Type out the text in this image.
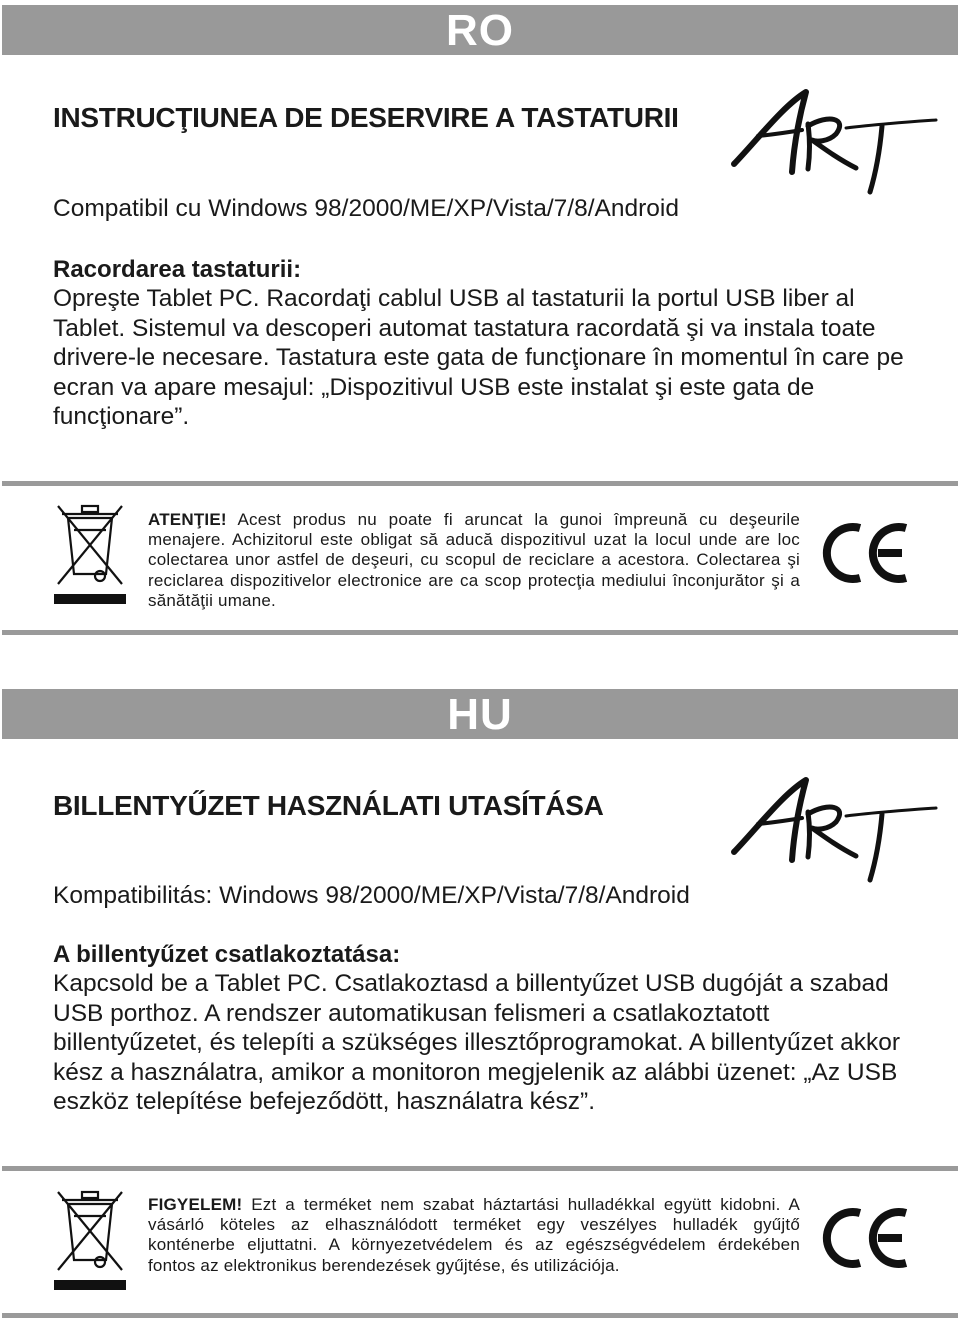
RO
INSTRUCŢIUNEA DE DESERVIRE A TASTATURII
Compatibil cu Windows 98/2000/ME/XP/Vista/7/8/Android
Racordarea tastaturii:
Opreşte Tablet PC. Racordaţi cablul USB al tastaturii la portul USB liber al Tablet. Sistemul va descoperi automat tastatura racordată şi va instala toate drivere-le necesare. Tastatura este gata de funcţionare în momentul în care pe ecran va apare mesajul: „Dispozitivul USB este instalat şi este gata de funcţionare”.
ATENŢIE! Acest produs nu poate fi aruncat la gunoi împreună cu deşeurile menajere. Achizitorul este obligat să aducă dispozitivul uzat la locul unde are loc colectarea unor astfel de deşeuri, cu scopul de reciclare a acestora. Colectarea şi reciclarea dispozitivelor electronice are ca scop protecţia mediului înconjurător şi a sănătăţii umane.
HU
BILLENTYŰZET HASZNÁLATI UTASÍTÁSA
Kompatibilitás: Windows 98/2000/ME/XP/Vista/7/8/Android
A billentyűzet csatlakoztatása:
Kapcsold be a Tablet PC. Csatlakoztasd a billentyűzet USB dugóját a szabad USB porthoz. A rendszer automatikusan felismeri a csatlakoztatott billentyűzetet, és telepíti a szükséges illesztőprogramokat. A billentyűzet akkor kész a használatra, amikor a monitoron megjelenik az alábbi üzenet: „Az USB eszköz telepítése befejeződött, használatra kész”.
FIGYELEM! Ezt a terméket nem szabat háztartási hulladékkal együtt kidobni. A vásárló köteles az elhasználódott terméket egy veszélyes hulladék gyűjtő konténerbe eljuttatni. A környezetvédelem és az egészségvédelem érdekében fontos az elektronikus berendezések gyűjtése, és utilizációja.
